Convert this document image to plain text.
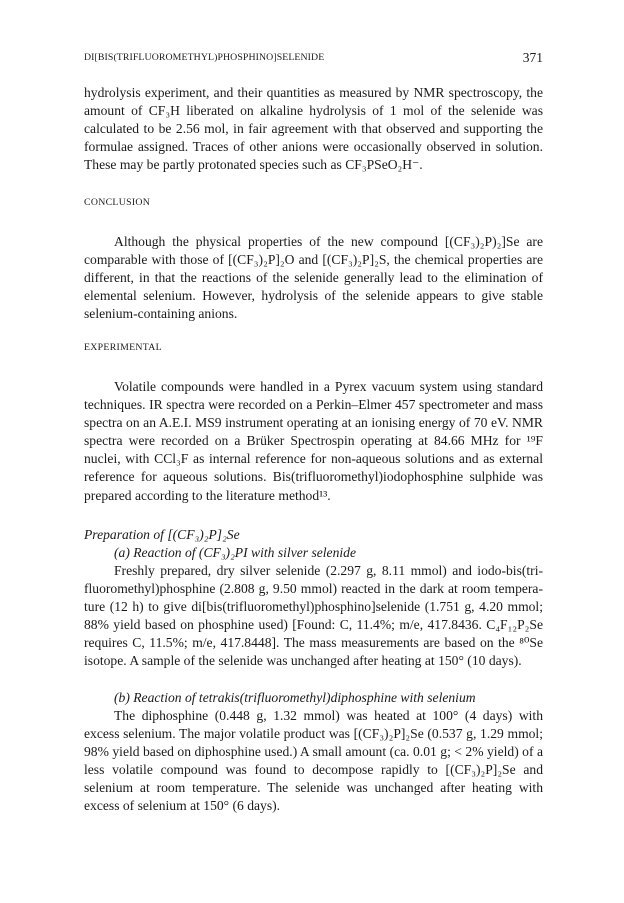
DI[BIS(TRIFLUOROMETHYL)PHOSPHINO]SELENIDE	371

hydrolysis experiment, and their quantities as measured by NMR spectroscopy, the amount of CF₃H liberated on alkaline hydrolysis of 1 mol of the selenide was calculated to be 2.56 mol, in fair agreement with that observed and supporting the formulae assigned. Traces of other anions were occasionally observed in solution. These may be partly protonated species such as CF₃PSeO₂H⁻.

CONCLUSION

Although the physical properties of the new compound [(CF₃)₂P)₂]Se are comparable with those of [(CF₃)₂P]₂O and [(CF₃)₂P]₂S, the chemical properties are different, in that the reactions of the selenide generally lead to the elimination of elemental selenium. However, hydrolysis of the selenide appears to give stable selenium-containing anions.

EXPERIMENTAL

Volatile compounds were handled in a Pyrex vacuum system using standard techniques. IR spectra were recorded on a Perkin–Elmer 457 spectrometer and mass spectra on an A.E.I. MS9 instrument operating at an ionising energy of 70 eV. NMR spectra were recorded on a Brüker Spectrospin operating at 84.66 MHz for ¹⁹F nuclei, with CCl₃F as internal reference for non-aqueous solutions and as external reference for aqueous solutions. Bis(trifluoromethyl)iodophosphine sulphide was prepared according to the literature method¹³.

Preparation of [(CF₃)₂P]₂Se
(a) Reaction of (CF₃)₂PI with silver selenide

Freshly prepared, dry silver selenide (2.297 g, 8.11 mmol) and iodo-bis(tri-fluoromethyl)phosphine (2.808 g, 9.50 mmol) reacted in the dark at room tempera-ture (12 h) to give di[bis(trifluoromethyl)phosphino]selenide (1.751 g, 4.20 mmol; 88% yield based on phosphine used) [Found: C, 11.4%; m/e, 417.8436. C₄F₁₂P₂Se requires C, 11.5%; m/e, 417.8448]. The mass measurements are based on the ⁸⁰Se isotope. A sample of the selenide was unchanged after heating at 150° (10 days).

(b) Reaction of tetrakis(trifluoromethyl)diphosphine with selenium

The diphosphine (0.448 g, 1.32 mmol) was heated at 100° (4 days) with excess selenium. The major volatile product was [(CF₃)₂P]₂Se (0.537 g, 1.29 mmol; 98% yield based on diphosphine used.) A small amount (ca. 0.01 g; < 2% yield) of a less volatile compound was found to decompose rapidly to [(CF₃)₂P]₂Se and selenium at room temperature. The selenide was unchanged after heating with excess of selenium at 150° (6 days).
